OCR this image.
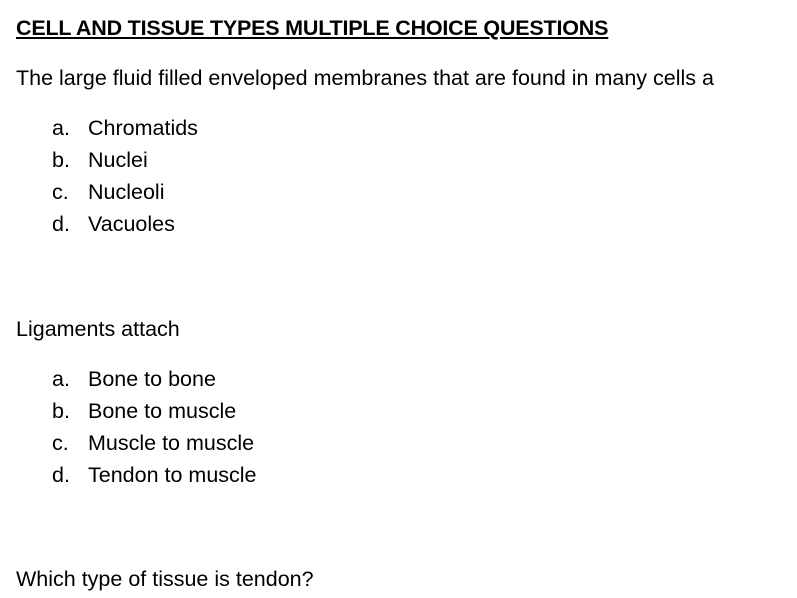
CELL AND TISSUE TYPES MULTIPLE CHOICE QUESTIONS
The large fluid filled enveloped membranes that are found in many cells a
a. Chromatids
b. Nuclei
c. Nucleoli
d. Vacuoles
Ligaments attach
a. Bone to bone
b. Bone to muscle
c. Muscle to muscle
d. Tendon to muscle
Which type of tissue is tendon?
